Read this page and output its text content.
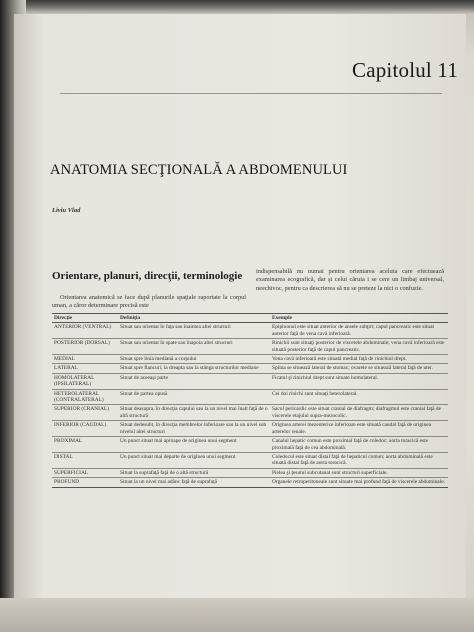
Capitolul 11
ANATOMIA SECŢIONALĂ A ABDOMENULUI
Liviu Vlad
Orientare, planuri, direcţii, terminologie
Orientarea anatomică se face după planurile spaţiale raportate la corpul uman, a căror determinare precisă este
indispensabilă nu numai pentru orientarea aceluia care efectuează examinarea ecografică, dar şi celui căruia i se cere un limbaj universal, neechivoc, pentru ca descrierea să nu se preteze la nici o confuzie.
Direcţie	Definiţia	Exemple
ANTERIOR (VENTRAL)	Situat sau orientat în faţa sau înaintea altei structuri	Epiploonul este situat anterior de ansele subţiri; capul pancreatic este situat anterior faţă de vena cavă inferioară.
POSTERIOR (DORSAL)	Situat sau orientat în spate sau înapoia altei structuri	Rinichii sunt situaţi posterior de viscerele abdominale; vena cavă inferioară este situată posterior faţă de capul pancreatic.
MEDIAL	Situat spre linia mediană a corpului	Vena cavă inferioară este situată medial faţă de rinichiul drept.
LATERAL	Situat spre flancuri, la dreapta sau la stânga structurilor mediane	Splina se situează lateral de stomac; ovarele se situează lateral faţă de uter.
HOMOLATERAL (IPSILATERAL)	Situat de aceeaşi parte	Ficatul şi rinichiul drept sunt situate homolateral.
HETEROLATERAL (CONTRALATERAL)	Situat de partea opusă	Cei doi rinichi sunt situaţi heterolateral.
SUPERIOR (CRANIAL)	Situat deasupra, în direcţia capului sau la un nivel mai înalt faţă de o altă structură	Sacul pericardic este situat cranial de diafragm; diafragmul este cranial faţă de viscerele etajului supra-mezocolic.
INFERIOR (CAUDAL)	Situat dedesubt, în direcţia membrelor inferioare sau la un nivel sub nivelul altei structuri	Originea arterei mezenterice inferioare este situată caudal faţă de originea arterelor renale.
PROXIMAL	Un punct situat mai aproape de originea unui segment	Canalul hepatic comun este proximal faţă de coledoc; aorta toracică este proximală faţă de cea abdominală.
DISTAL	Un punct situat mai departe de originea unui segment	Coledocul este situat distal faţă de hepaticul comun; aorta abdominală este situată distal faţă de aorta toracică.
SUPERFICIAL	Situat la suprafaţă faţă de o altă structură	Pielea şi ţesutul subcutanat sunt structuri superficiale.
PROFUND	Situat la un nivel mai adânc faţă de suprafaţă	Organele retroperitoneale sunt situate mai profund faţă de viscerele abdominale.
